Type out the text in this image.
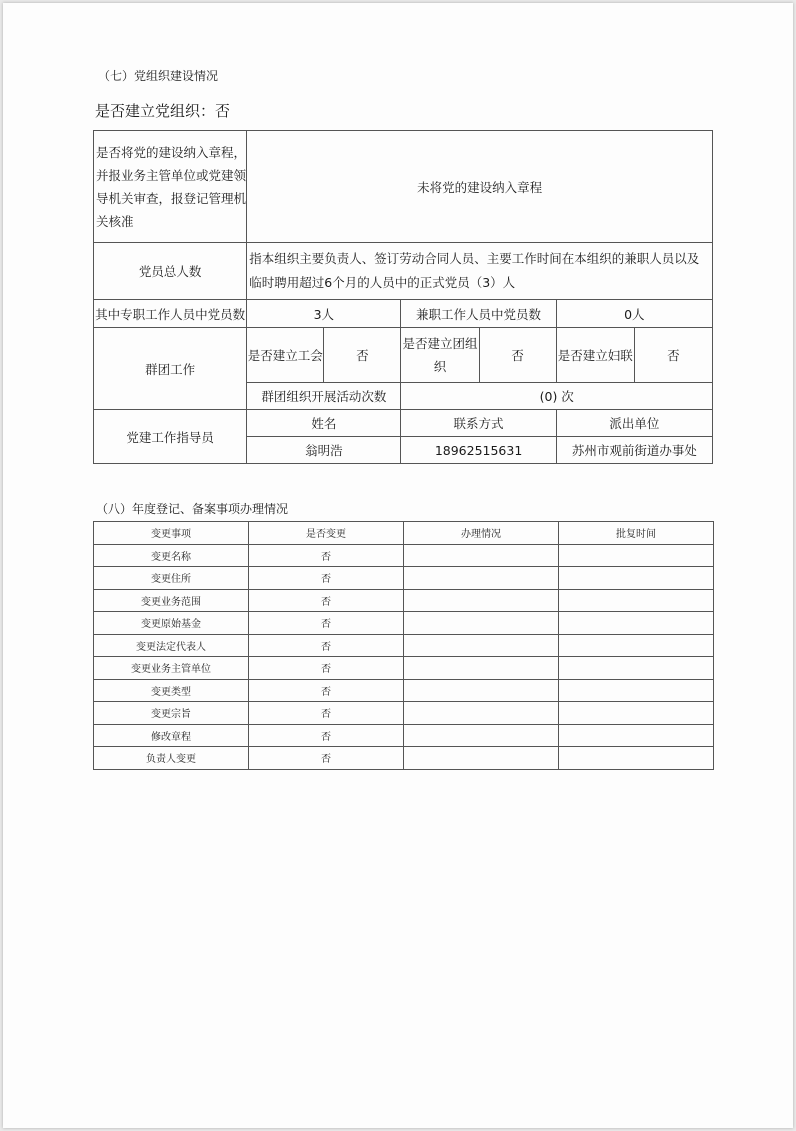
（七）党组织建设情况
是否建立党组织：否
是否将党的建设纳入章程，并报业务主管单位或党建领导机关审查，报登记管理机关核准	未将党的建设纳入章程					
党员总人数	指本组织主要负责人、签订劳动合同人员、主要工作时间在本组织的兼职人员以及临时聘用超过6个月的人员中的正式党员（3）人					
其中专职工作人员中党员数	3人		兼职工作人员中党员数		0人	
群团工作	是否建立工会	否	是否建立团组织	否	是否建立妇联	否
	群团组织开展活动次数		(0) 次			
党建工作指导员	姓名		联系方式		派出单位	
	翁明浩		18962515631		苏州市观前街道办事处	
（八）年度登记、备案事项办理情况
变更事项	是否变更	办理情况	批复时间
变更名称	否		
变更住所	否		
变更业务范围	否		
变更原始基金	否		
变更法定代表人	否		
变更业务主管单位	否		
变更类型	否		
变更宗旨	否		
修改章程	否		
负责人变更	否		
